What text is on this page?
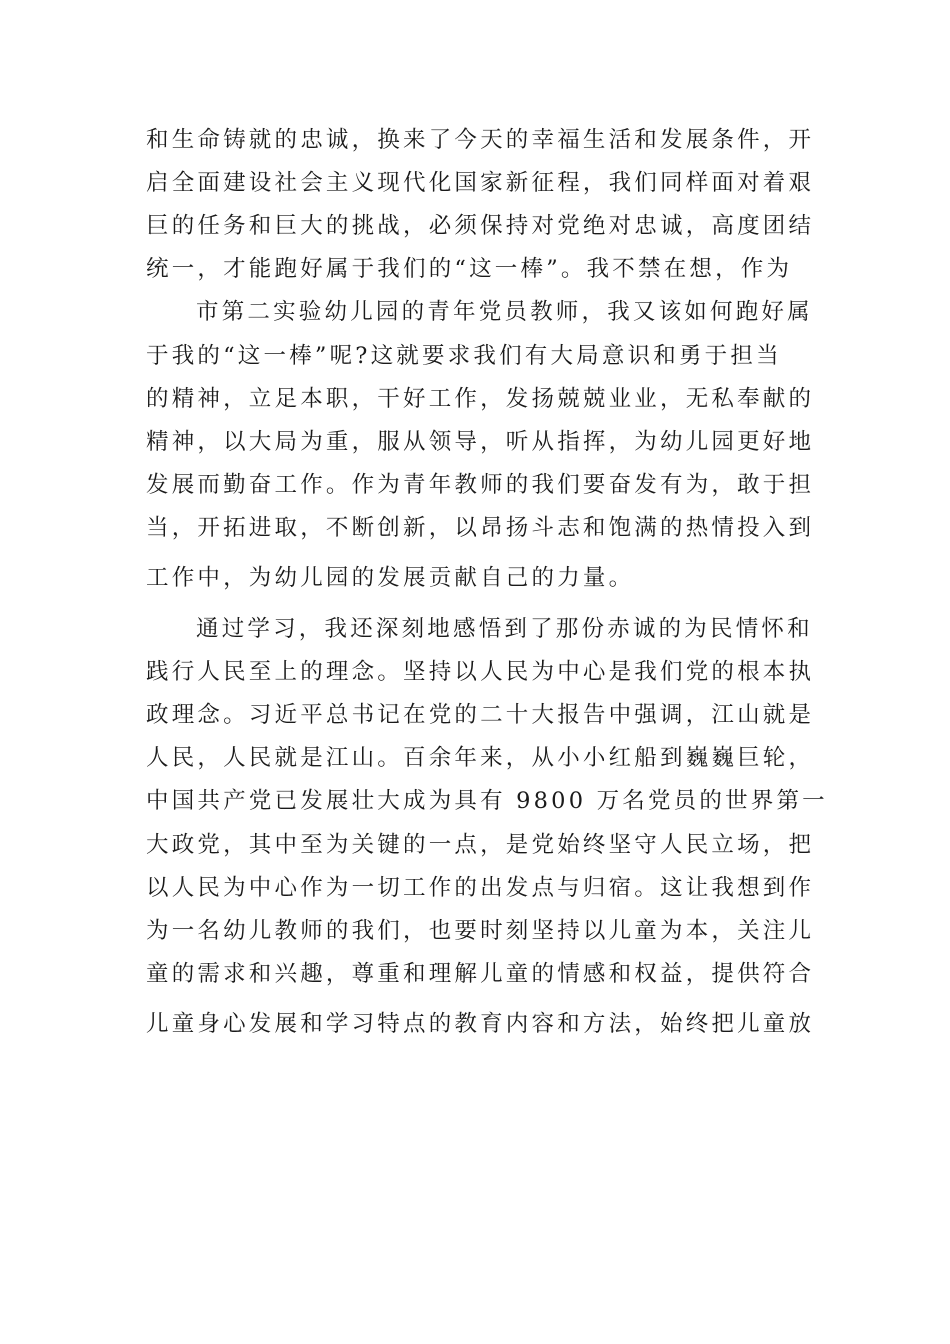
和生命铸就的忠诚，换来了今天的幸福生活和发展条件，开
启全面建设社会主义现代化国家新征程，我们同样面对着艰
巨的任务和巨大的挑战，必须保持对党绝对忠诚，高度团结
统一，才能跑好属于我们的“这一棒”。我不禁在想，作为
市第二实验幼儿园的青年党员教师，我又该如何跑好属
于我的“这一棒”呢?这就要求我们有大局意识和勇于担当
的精神，立足本职，干好工作，发扬兢兢业业，无私奉献的
精神，以大局为重，服从领导，听从指挥，为幼儿园更好地
发展而勤奋工作。作为青年教师的我们要奋发有为，敢于担
当，开拓进取，不断创新，以昂扬斗志和饱满的热情投入到
工作中，为幼儿园的发展贡献自己的力量。
通过学习，我还深刻地感悟到了那份赤诚的为民情怀和
践行人民至上的理念。坚持以人民为中心是我们党的根本执
政理念。习近平总书记在党的二十大报告中强调，江山就是
人民，人民就是江山。百余年来，从小小红船到巍巍巨轮，
中国共产党已发展壮大成为具有 9800 万名党员的世界第一
大政党，其中至为关键的一点，是党始终坚守人民立场，把
以人民为中心作为一切工作的出发点与归宿。这让我想到作
为一名幼儿教师的我们，也要时刻坚持以儿童为本，关注儿
童的需求和兴趣，尊重和理解儿童的情感和权益，提供符合
儿童身心发展和学习特点的教育内容和方法，始终把儿童放
